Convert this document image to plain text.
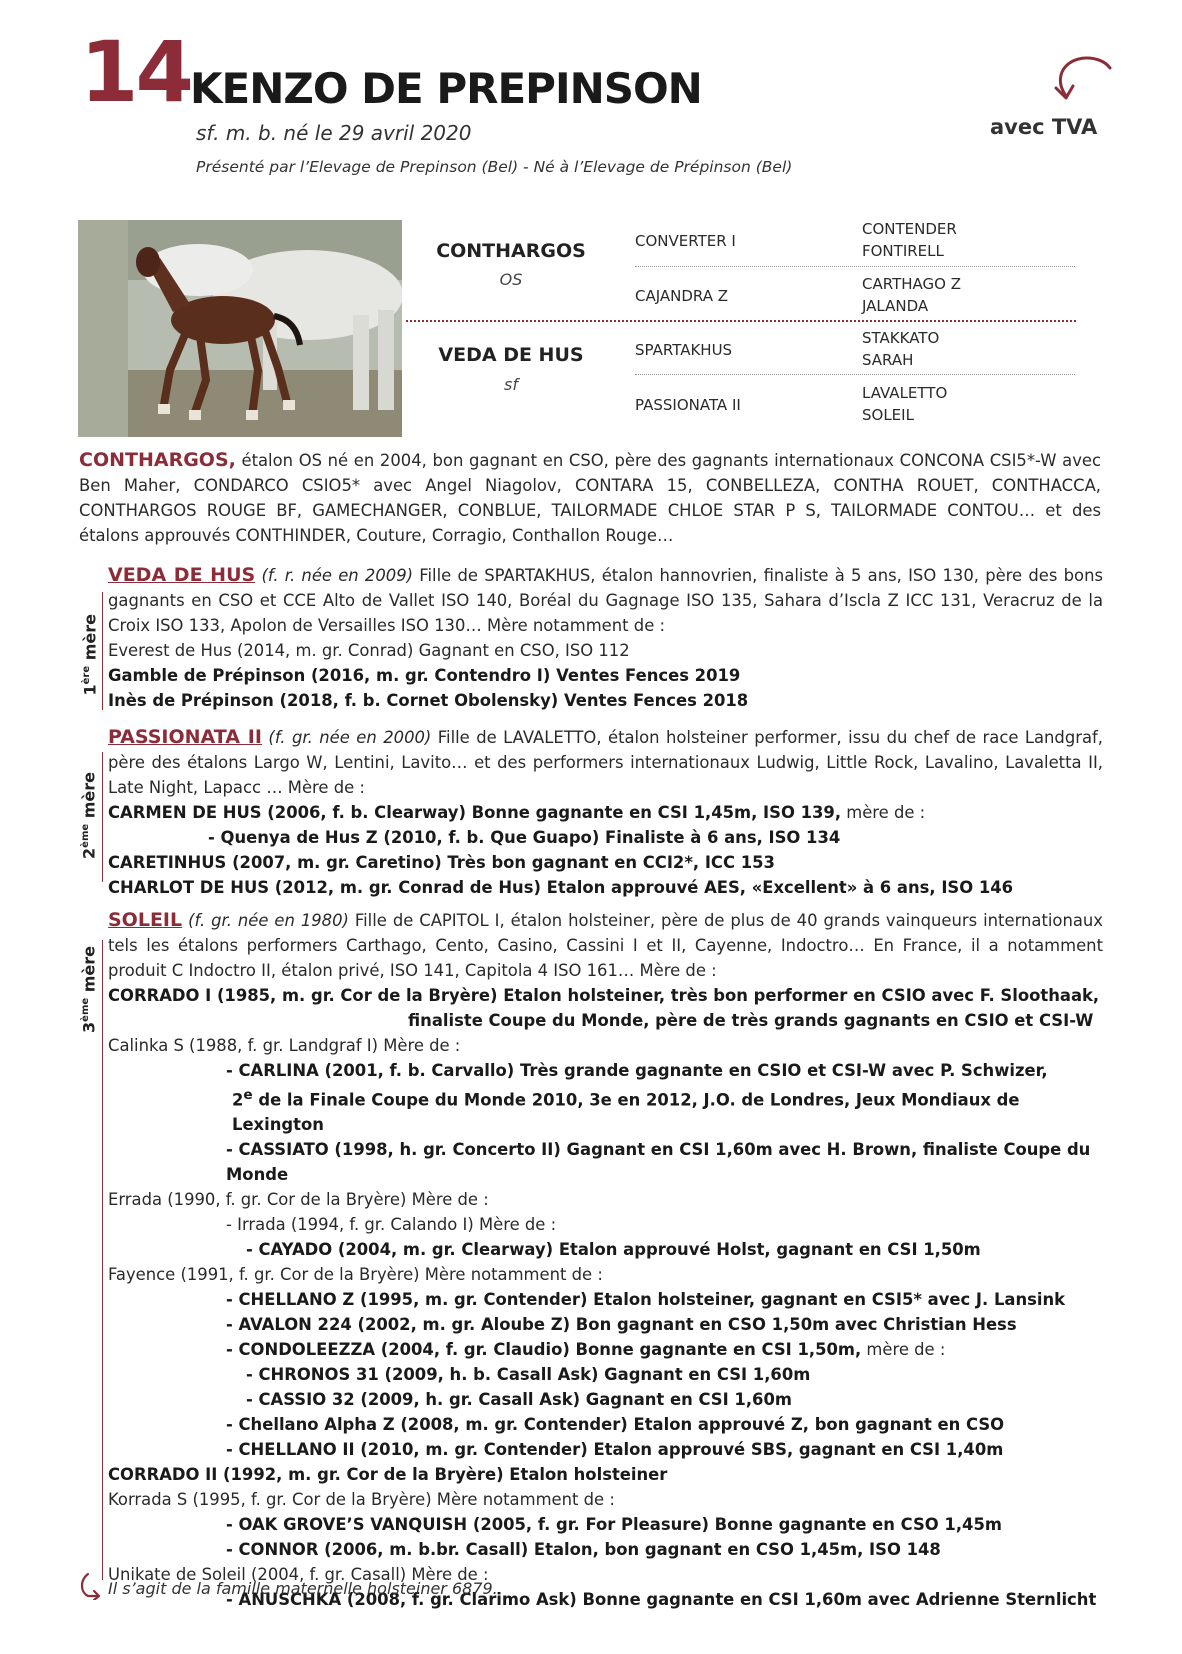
14 KENZO DE PREPINSON
sf. m. b. né le 29 avril 2020
Présenté par l’Elevage de Prepinson (Bel) - Né à l’Elevage de Prépinson (Bel)
avec TVA
CONTHARGOS
OS
VEDA DE HUS
sf
CONVERTER I
CAJANDRA Z
SPARTAKHUS
PASSIONATA II
CONTENDER
FONTIRELL
CARTHAGO Z
JALANDA
STAKKATO
SARAH
LAVALETTO
SOLEIL
CONTHARGOS, étalon OS né en 2004, bon gagnant en CSO, père des gagnants internationaux CONCONA CSI5*-W avec Ben Maher, CONDARCO CSIO5* avec Angel Niagolov, CONTARA 15, CONBELLEZA, CONTHA ROUET, CONTHACCA, CONTHARGOS ROUGE BF, GAMECHANGER, CONBLUE, TAILORMADE CHLOE STAR P S, TAILORMADE CONTOU… et des étalons approuvés CONTHINDER, Couture, Corragio, Conthallon Rouge…
1ère mère

VEDA DE HUS (f. r. née en 2009) Fille de SPARTAKHUS, étalon hannovrien, finaliste à 5 ans, ISO 130, père des bons gagnants en CSO et CCE Alto de Vallet ISO 140, Boréal du Gagnage ISO 135, Sahara d’Iscla Z ICC 131, Veracruz de la Croix ISO 133, Apolon de Versailles ISO 130… Mère notamment de :

Everest de Hus (2014, m. gr. Conrad) Gagnant en CSO, ISO 112

Gamble de Prépinson (2016, m. gr. Contendro I) Ventes Fences 2019

Inès de Prépinson (2018, f. b. Cornet Obolensky) Ventes Fences 2018

2ème mère

PASSIONATA II (f. gr. née en 2000) Fille de LAVALETTO, étalon holsteiner performer, issu du chef de race Landgraf, père des étalons Largo W, Lentini, Lavito… et des performers internationaux Ludwig, Little Rock, Lavalino, Lavaletta II, Late Night, Lapacc … Mère de :

CARMEN DE HUS (2006, f. b. Clearway) Bonne gagnante en CSI 1,45m, ISO 139, mère de :

- Quenya de Hus Z (2010, f. b. Que Guapo) Finaliste à 6 ans, ISO 134

CARETINHUS (2007, m. gr. Caretino) Très bon gagnant en CCI2*, ICC 153

CHARLOT DE HUS (2012, m. gr. Conrad de Hus) Etalon approuvé AES, «Excellent» à 6 ans, ISO 146

3ème mère

SOLEIL (f. gr. née en 1980) Fille de CAPITOL I, étalon holsteiner, père de plus de 40 grands vainqueurs internationaux tels les étalons performers Carthago, Cento, Casino, Cassini I et II, Cayenne, Indoctro… En France, il a notamment produit C Indoctro II, étalon privé, ISO 141, Capitola 4 ISO 161… Mère de :

CORRADO I (1985, m. gr. Cor de la Bryère) Etalon holsteiner, très bon performer en CSIO avec F. Sloothaak,

finaliste Coupe du Monde, père de très grands gagnants en CSIO et CSI-W

Calinka S (1988, f. gr. Landgraf I) Mère de :

- CARLINA (2001, f. b. Carvallo) Très grande gagnante en CSIO et CSI-W avec P. Schwizer,

2e de la Finale Coupe du Monde 2010, 3e en 2012, J.O. de Londres, Jeux Mondiaux de Lexington

- CASSIATO (1998, h. gr. Concerto II) Gagnant en CSI 1,60m avec H. Brown, finaliste Coupe du Monde

Errada (1990, f. gr. Cor de la Bryère) Mère de :

- Irrada (1994, f. gr. Calando I) Mère de :

- CAYADO (2004, m. gr. Clearway) Etalon approuvé Holst, gagnant en CSI 1,50m

Fayence (1991, f. gr. Cor de la Bryère) Mère notamment de :

- CHELLANO Z (1995, m. gr. Contender) Etalon holsteiner, gagnant en CSI5* avec J. Lansink

- AVALON 224 (2002, m. gr. Aloube Z) Bon gagnant en CSO 1,50m avec Christian Hess

- CONDOLEEZZA (2004, f. gr. Claudio) Bonne gagnante en CSI 1,50m, mère de :

- CHRONOS 31 (2009, h. b. Casall Ask) Gagnant en CSI 1,60m

- CASSIO 32 (2009, h. gr. Casall Ask) Gagnant en CSI 1,60m

- Chellano Alpha Z (2008, m. gr. Contender) Etalon approuvé Z, bon gagnant en CSO

- CHELLANO II (2010, m. gr. Contender) Etalon approuvé SBS, gagnant en CSI 1,40m

CORRADO II (1992, m. gr. Cor de la Bryère) Etalon holsteiner

Korrada S (1995, f. gr. Cor de la Bryère) Mère notamment de :

- OAK GROVE’S VANQUISH (2005, f. gr. For Pleasure) Bonne gagnante en CSO 1,45m

- CONNOR (2006, m. b.br. Casall) Etalon, bon gagnant en CSO 1,45m, ISO 148

Unikate de Soleil (2004, f. gr. Casall) Mère de :

- ANUSCHKA (2008, f. gr. Clarimo Ask) Bonne gagnante en CSI 1,60m avec Adrienne Sternlicht

Il s’agit de la famille maternelle holsteiner 6879.
